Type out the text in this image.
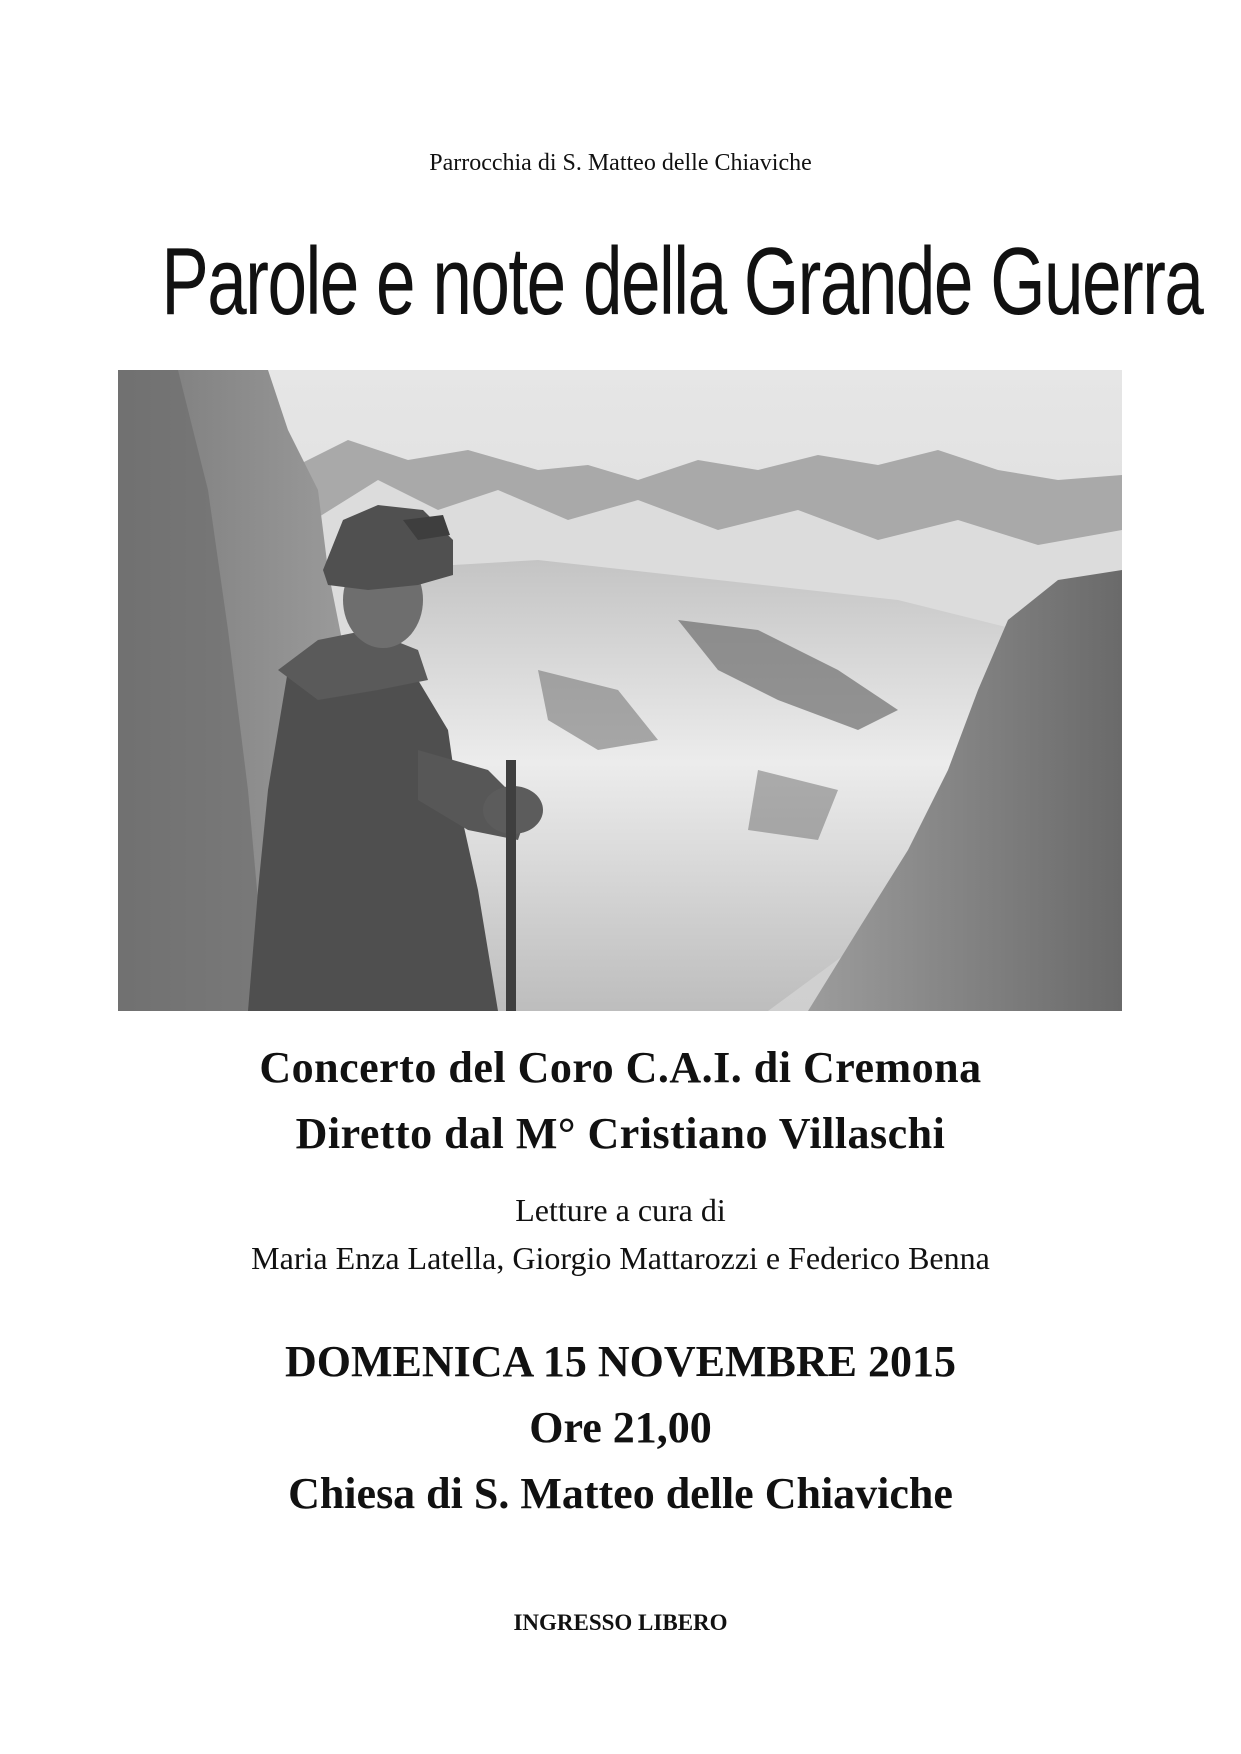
Parrocchia di S. Matteo delle Chiaviche
Parole e note della Grande Guerra
Concerto del Coro C.A.I. di Cremona
Diretto dal M° Cristiano Villaschi
Letture a cura di
Maria Enza Latella, Giorgio Mattarozzi e Federico Benna
DOMENICA 15 NOVEMBRE 2015
Ore 21,00
Chiesa di S. Matteo delle Chiaviche
INGRESSO LIBERO
